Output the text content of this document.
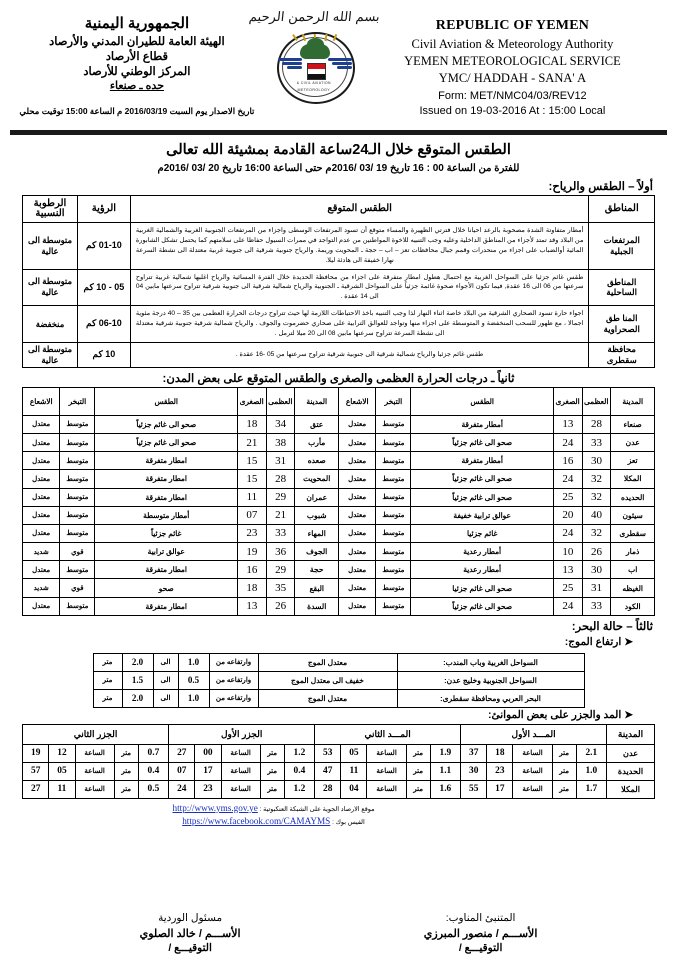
الجمهورية اليمنية
الهيئة العامة للطيران المدني والأرصاد
قطاع الأرصاد
المركز الوطني للأرصاد
حده ـ صنعاء
تاريخ الاصدار يوم السبت 2016/03/19 م الساعة 15:00 توقيت محلي
بسم الله الرحمن الرحيم
CIVIL AVIATION &
METEOROLOGY
REPUBLIC OF YEMEN
Civil Aviation & Meteorology Authority
YEMEN METEOROLOGICAL SERVICE
YMC/ HADDAH - SANA' A
Form: MET/NMC04/03/REV12
Issued on 19-03-2016 At : 15:00 Local
الطقس المتوقع خلال الـ24ساعة القادمة بمشيئة الله تعالى
للفترة من الساعة 00 : 16 تاريخ 19 /03 /2016م حتى الساعة 16:00 تاريخ 20 /03 /2016م
أولاً – الطقس والرياح:
المناطق	الطقس المتوقع	الرؤية	الرطوبة النسبية
المرتفعات الجبلية	أمطار متفاوتة الشدة مصحوبة بالرعد احيانا خلال فترتي الظهيرة والمساء متوقع أن تسود المرتفعات الوسطى واجزاء من المرتفعات الجنوبية الغربية والشمالية الغربية من البلاد وقد تمتد لأجزاء من المناطق الداخلية وعليه وجب التنبيه للاخوة المواطنين من عدم التواجد في ممرات السيول حفاظا على سلامتهم كما يحتمل تشكل الشابورة المائية أوالضباب على اجزاء من منحدرات وقمم جبال محافظات تعز – اب – حجة ـ المحويت وريمة. والرياح جنوبية شرقية الى جنوبية غربية معتدلة الى نشطة السرعة نهارا خفيفة الى هادئة ليلا.	01-10 كم	متوسطة الى عالية
المناطق الساحلية	طقس غائم جزئيا على السواحل الغربية مع احتمال هطول امطار متفرقة على اجزاء من محافظة الحديدة خلال الفترة المسائية والرياح اغلبها شمالية غربية تتراوح سرعتها من 06 الى 16 عقدة, فيما تكون الأجواء صحوة غائمة جزئياً على السواحل الشرقية ـ الجنوبية والرياح شمالية شرقية الى جنوبية شرقية تتراوح سرعتها مابين 04 الى 14 عقدة .	05 - 10 كم	متوسطة الى عالية
المنا طق الصحراوية	اجواء حارة تسود الصحاري الشرقية من البلاد خاصة اثناء النهار لذا وجب التنبيه باخذ الاحتياطات اللازمة لها حيث تتراوح درجات الحرارة العظمى بين 35 – 40 درجة مئوية اجمالا ، مع ظهور للسحب المنخفضة و المتوسطة على اجزاء منها وتواجد للعوالق الترابية على صحاري حضرموت والجوف . والرياح شمالية شرقية جنوبية شرقية معتدلة الى نشطة السرعة تتراوح سرعتها مابين 08 الى 20 ميلا لترمل .	06-10 كم	منخفضة
محافظة سقطرى	طقس غائم جزئيا والرياح شمالية شرقية الى جنوبية شرقية تتراوح سرعتها من 05 -16 عقدة .	10 كم	متوسطة الى عالية
ثانياً ـ درجات الحرارة العظمى والصغرى والطقس المتوقع على بعض المدن:
المدينة	العظمى	الصغرى	الطقس	التبخر	الاشعاع	المدينة	العظمى	الصغرى	الطقس	التبخر	الاشعاع
صنعاء	28	13	أمطار متفرقة	متوسط	معتدل	عتق	34	18	صحو الى غائم جزئياً	متوسط	معتدل
عدن	33	24	صحو الى غائم جزئياً	متوسط	معتدل	مأرب	38	21	صحو الى غائم جزئياً	متوسط	معتدل
تعز	30	16	أمطار متفرقة	متوسط	معتدل	صعده	31	15	امطار متفرقة	متوسط	معتدل
المكلا	32	24	صحو الى غائم جزئياً	متوسط	معتدل	المحويت	28	15	امطار متفرقة	متوسط	معتدل
الحديده	32	25	صحو الى غائم جزئياً	متوسط	معتدل	عمران	29	11	امطار متفرقة	متوسط	معتدل
سيئون	40	20	عوالق ترابية خفيفة	متوسط	معتدل	شبوب	21	07	أمطار متوسطة	متوسط	معتدل
سقطرى	32	24	غائم جزئيا	متوسط	معتدل	المهاء	33	23	غائم جزئياً	متوسط	معتدل
ذمار	26	10	أمطار رعدية	متوسط	معتدل	الجوف	36	19	عوالق ترابية	قوي	شديد
اب	30	13	أمطار رعدية	متوسط	معتدل	حجة	29	16	امطار متفرقة	متوسط	معتدل
الغيظه	31	25	صحو الى غائم جزئيا	متوسط	معتدل	البقع	35	18	صحو	قوي	شديد
الكود	33	24	صحو الى غائم جزئياً	متوسط	معتدل	السدة	26	13	امطار متفرقة	متوسط	معتدل
ثالثاً – حالة البحر:
➤ ارتفاع الموج:
السواحل الغربية وباب المندب:	معتدل الموج	وارتفاعه من	1.0	الى	2.0	متر
السواحل الجنوبية وخليج عدن:	خفيف الى معتدل الموج	وارتفاعه من	0.5	الى	1.5	متر
البحر العربي ومحافظة سقطرى:	معتدل الموج	وارتفاعه من	1.0	الى	2.0	متر
➤ المد والجزر على بعض الموانئ:
المدينة	المـــد الأول					المـــد الثاني					الجزر الأول					الجزر الثاني				
عدن	2.1	متر	الساعة	18	37	1.9	متر	الساعة	05	53	1.2	متر	الساعة	00	27	0.7	متر	الساعة	12	19
الحديدة	1.0	متر	الساعة	23	30	1.1	متر	الساعة	11	47	0.4	متر	الساعة	17	07	0.4	متر	الساعة	05	57
المكلا	1.7	متر	الساعة	17	55	1.6	متر	الساعة	04	28	1.2	متر	الساعة	23	24	0.5	متر	الساعة	11	27
موقع الارصاد الجوية على الشبكة العنكبوتية : http://www.yms.gov.ye
الفيس بوك : https://www.facebook.com/CAMAYMS
المتنبئ المناوب:
الأســـم / منصور المبرزي
التوقيـــع /
مسئول الوردية
الأســـم / خالد الصلوي
التوقيـــع /
